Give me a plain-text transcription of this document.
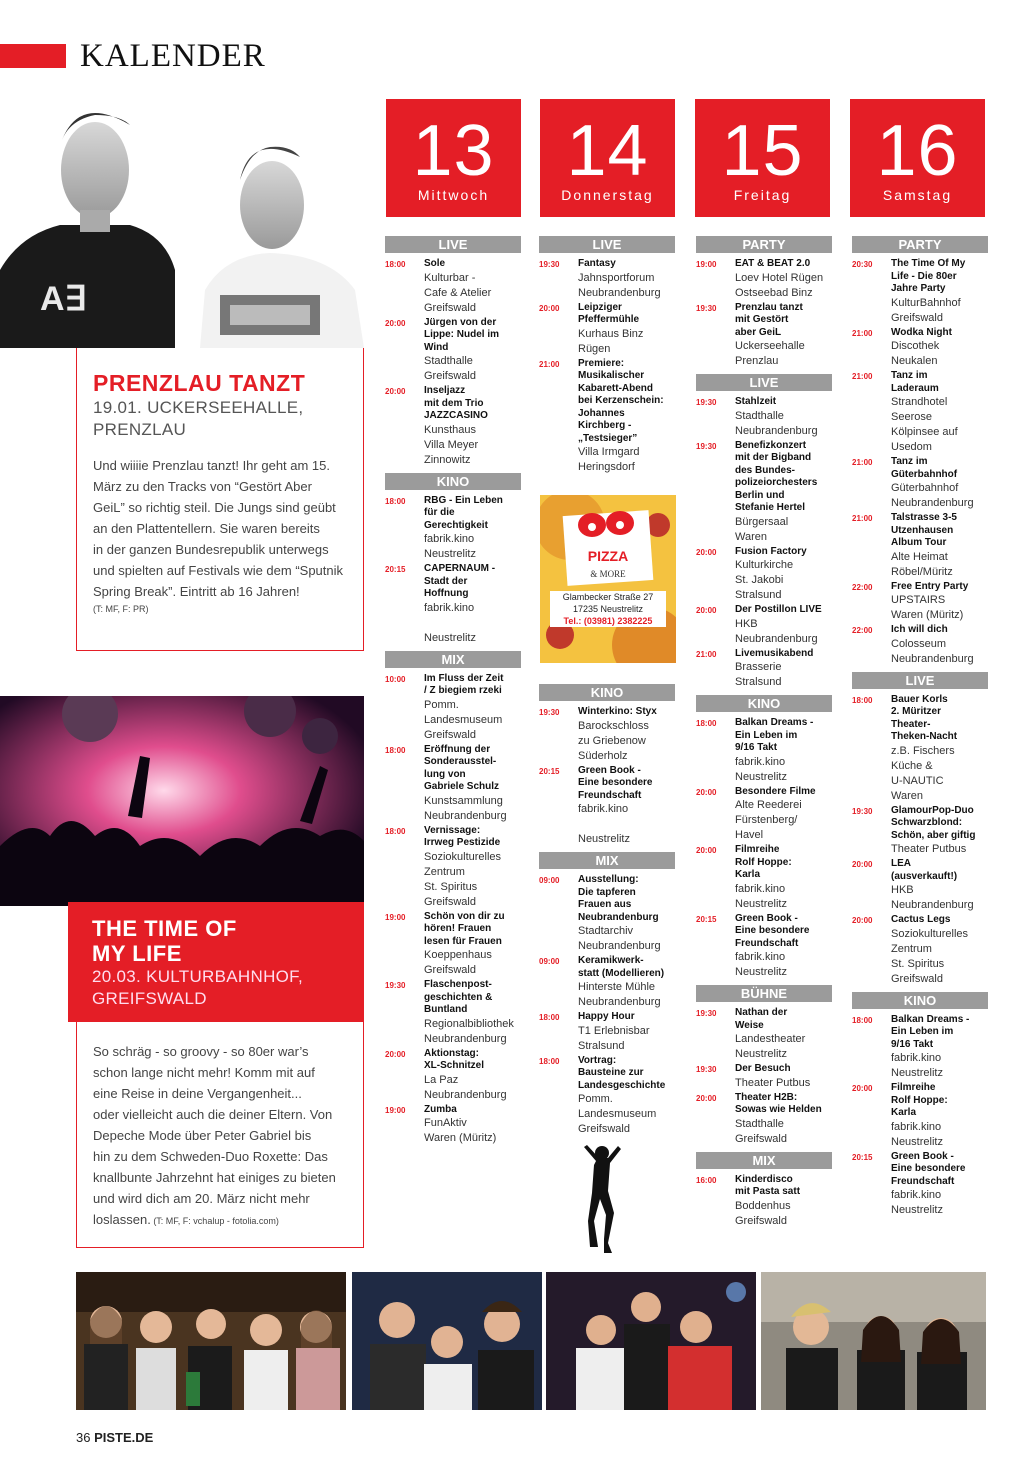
KALENDER
A∃
PRENZLAU TANZT
19.01. UCKERSEEHALLE,
PRENZLAU
Und wiiiie Prenzlau tanzt! Ihr geht am 15.
März zu den Tracks von “Gestört Aber
GeiL” so richtig steil. Die Jungs sind geübt
an den Plattentellern. Sie waren bereits
in der ganzen Bundesrepublik unterwegs
und spielten auf Festivals wie dem “Sputnik
Spring Break”. Eintritt ab 16 Jahren!
(T: MF, F: PR)
THE TIME OF
MY LIFE
20.03. KULTURBAHNHOF,
GREIFSWALD
So schräg - so groovy - so 80er war’s
schon lange nicht mehr! Komm mit auf
eine Reise in deine Vergangenheit...
oder vielleicht auch die deiner Eltern. Von
Depeche Mode über Peter Gabriel bis
hin zu dem Schweden-Duo Roxette: Das
knallbunte Jahrzehnt hat einiges zu bieten
und wird dich am 20. März nicht mehr
loslassen. (T: MF, F: vchalup - fotolia.com)
13
Mittwoch
14
Donnerstag
15
Freitag
16
Samstag
LIVE
18:00	Sole
Kulturbar -
Cafe & Atelier
Greifswald
20:00	Jürgen von der
Lippe: Nudel im
Wind
Stadthalle
Greifswald
20:00	Inseljazz
mit dem Trio
JAZZCASINO
Kunsthaus
Villa Meyer
Zinnowitz
KINO
18:00	RBG - Ein Leben
für die
Gerechtigkeit
fabrik.kino
Neustrelitz
20:15	CAPERNAUM -
Stadt der
Hoffnung
fabrik.kino

Neustrelitz
MIX
10:00	Im Fluss der Zeit
/ Z biegiem rzeki
Pomm.
Landesmuseum
Greifswald
18:00	Eröffnung der
Sonderausstel-
lung von
Gabriele Schulz
Kunstsammlung
Neubrandenburg
18:00	Vernissage:
Irrweg Pestizide
Soziokulturelles
Zentrum
St. Spiritus
Greifswald
19:00	Schön von dir zu
hören! Frauen
lesen für Frauen
Koeppenhaus
Greifswald
19:30	Flaschenpost-
geschichten &
Buntland
Regionalbibliothek
Neubrandenburg
20:00	Aktionstag:
XL-Schnitzel
La Paz
Neubrandenburg
19:00	Zumba
FunAktiv
Waren (Müritz)
LIVE
19:30	Fantasy
Jahnsportforum
Neubrandenburg
20:00	Leipziger
Pfeffermühle
Kurhaus Binz
Rügen
21:00	Premiere:
Musikalischer
Kabarett-Abend
bei Kerzenschein:
Johannes
Kirchberg -
„Testsieger”
Villa Irmgard
Heringsdorf
KINO
19:30	Winterkino: Styx
Barockschloss
zu Griebenow
Süderholz
20:15	Green Book -
Eine besondere
Freundschaft
fabrik.kino

Neustrelitz
MIX
09:00	Ausstellung:
Die tapferen
Frauen aus
Neubrandenburg
Stadtarchiv
Neubrandenburg
09:00	Keramikwerk-
statt (Modellieren)
Hinterste Mühle
Neubrandenburg
18:00	Happy Hour
T1 Erlebnisbar
Stralsund
18:00	Vortrag:
Bausteine zur
Landesgeschichte
Pomm.
Landesmuseum
Greifswald
PARTY
19:00	EAT & BEAT 2.0
Loev Hotel Rügen
Ostseebad Binz
19:30	Prenzlau tanzt
mit Gestört
aber GeiL
Uckerseehalle
Prenzlau
LIVE
19:30	Stahlzeit
Stadthalle
Neubrandenburg
19:30	Benefizkonzert
mit der Bigband
des Bundes-
polizeiorchesters
Berlin und
Stefanie Hertel
Bürgersaal
Waren
20:00	Fusion Factory
Kulturkirche
St. Jakobi
Stralsund
20:00	Der Postillon LIVE
HKB
Neubrandenburg
21:00	Livemusikabend
Brasserie
Stralsund
KINO
18:00	Balkan Dreams -
Ein Leben im
9/16 Takt
fabrik.kino
Neustrelitz
20:00	Besondere Filme
Alte Reederei
Fürstenberg/
Havel
20:00	Filmreihe
Rolf Hoppe:
Karla
fabrik.kino
Neustrelitz
20:15	Green Book -
Eine besondere
Freundschaft
fabrik.kino
Neustrelitz
BÜHNE
19:30	Nathan der
Weise
Landestheater
Neustrelitz
19:30	Der Besuch
Theater Putbus
20:00	Theater H2B:
Sowas wie Helden
Stadthalle
Greifswald
MIX
16:00	Kinderdisco
mit Pasta satt
Boddenhus
Greifswald
PARTY
20:30	The Time Of My
Life - Die 80er
Jahre Party
KulturBahnhof
Greifswald
21:00	Wodka Night
Discothek
Neukalen
21:00	Tanz im
Laderaum
Strandhotel
Seerose
Kölpinsee auf
Usedom
21:00	Tanz im
Güterbahnhof
Güterbahnhof
Neubrandenburg
21:00	Talstrasse 3-5
Utzenhausen
Album Tour
Alte Heimat
Röbel/Müritz
22:00	Free Entry Party
UPSTAIRS
Waren (Müritz)
22:00	Ich will dich
Colosseum
Neubrandenburg
LIVE
18:00	Bauer Korls
2. Müritzer
Theater-
Theken-Nacht
z.B. Fischers
Küche &
U-NAUTIC
Waren
19:30	GlamourPop-Duo
Schwarzblond:
Schön, aber giftig
Theater Putbus
20:00	LEA
(ausverkauft!)
HKB
Neubrandenburg
20:00	Cactus Legs
Soziokulturelles
Zentrum
St. Spiritus
Greifswald
KINO
18:00	Balkan Dreams -
Ein Leben im
9/16 Takt
fabrik.kino
Neustrelitz
20:00	Filmreihe
Rolf Hoppe:
Karla
fabrik.kino
Neustrelitz
20:15	Green Book -
Eine besondere
Freundschaft
fabrik.kino
Neustrelitz
PIZZA
& MORE
Glambecker Straße 27
17235 Neustrelitz
Tel.: (03981) 2382225
36 PISTE.DE
